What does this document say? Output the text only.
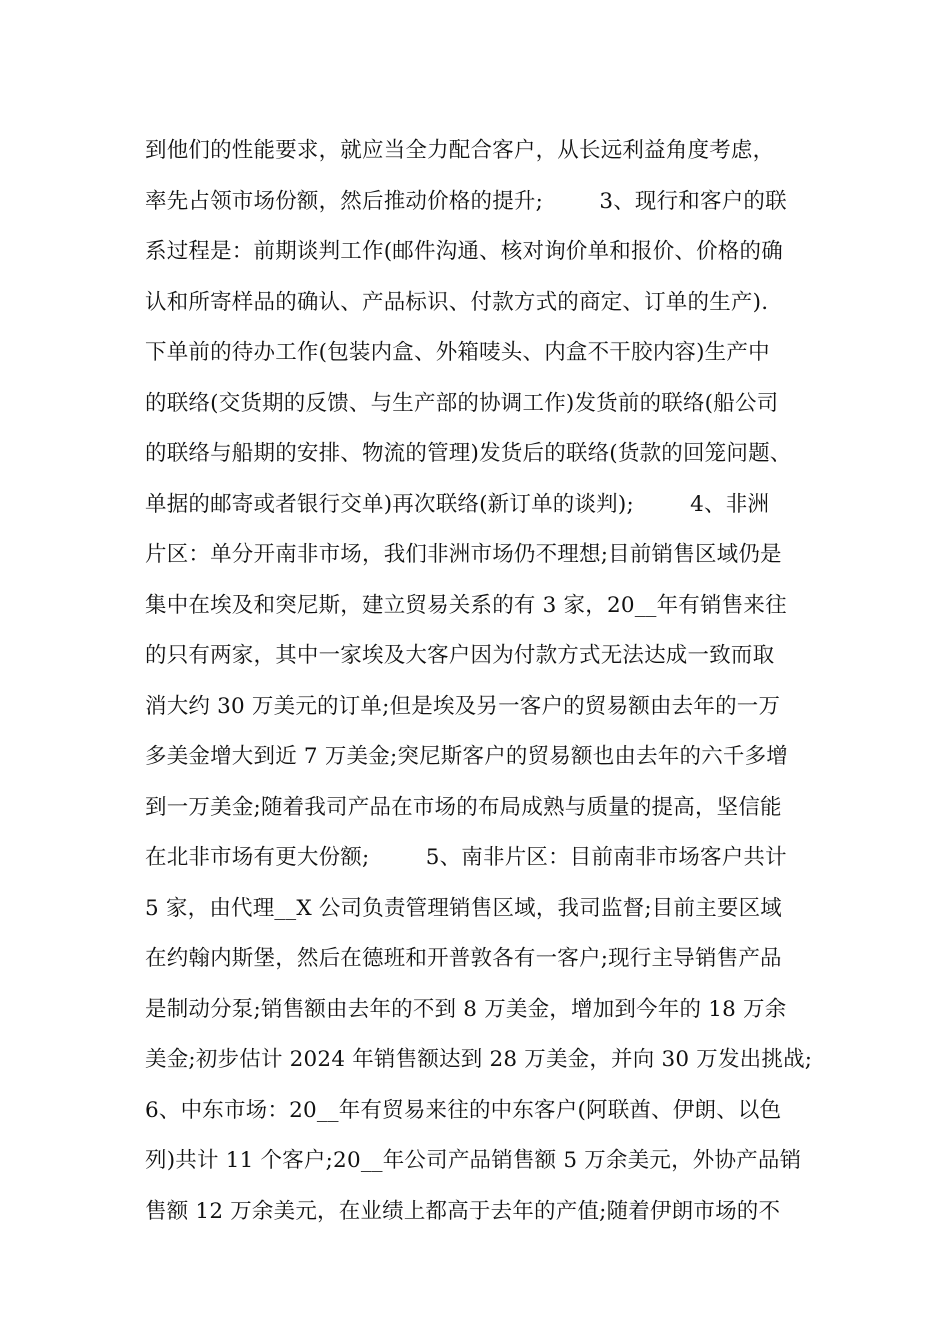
到他们的性能要求，就应当全力配合客户，从长远利益角度考虑，
率先占领市场份额，然后推动价格的提升;        3、现行和客户的联
系过程是：前期谈判工作(邮件沟通、核对询价单和报价、价格的确
认和所寄样品的确认、产品标识、付款方式的商定、订单的生产).
下单前的待办工作(包装内盒、外箱唛头、内盒不干胶内容)生产中
的联络(交货期的反馈、与生产部的协调工作)发货前的联络(船公司
的联络与船期的安排、物流的管理)发货后的联络(货款的回笼问题、
单据的邮寄或者银行交单)再次联络(新订单的谈判);        4、非洲
片区：单分开南非市场，我们非洲市场仍不理想;目前销售区域仍是
集中在埃及和突尼斯，建立贸易关系的有 3 家，20__年有销售来往
的只有两家，其中一家埃及大客户因为付款方式无法达成一致而取
消大约 30 万美元的订单;但是埃及另一客户的贸易额由去年的一万
多美金增大到近 7 万美金;突尼斯客户的贸易额也由去年的六千多增
到一万美金;随着我司产品在市场的布局成熟与质量的提高，坚信能
在北非市场有更大份额;        5、南非片区：目前南非市场客户共计
5 家，由代理__X 公司负责管理销售区域，我司监督;目前主要区域
在约翰内斯堡，然后在德班和开普敦各有一客户;现行主导销售产品
是制动分泵;销售额由去年的不到 8 万美金，增加到今年的 18 万余
美金;初步估计 2024 年销售额达到 28 万美金，并向 30 万发出挑战;
6、中东市场：20__年有贸易来往的中东客户(阿联酋、伊朗、以色
列)共计 11 个客户;20__年公司产品销售额 5 万余美元，外协产品销
售额 12 万余美元，在业绩上都高于去年的产值;随着伊朗市场的不
